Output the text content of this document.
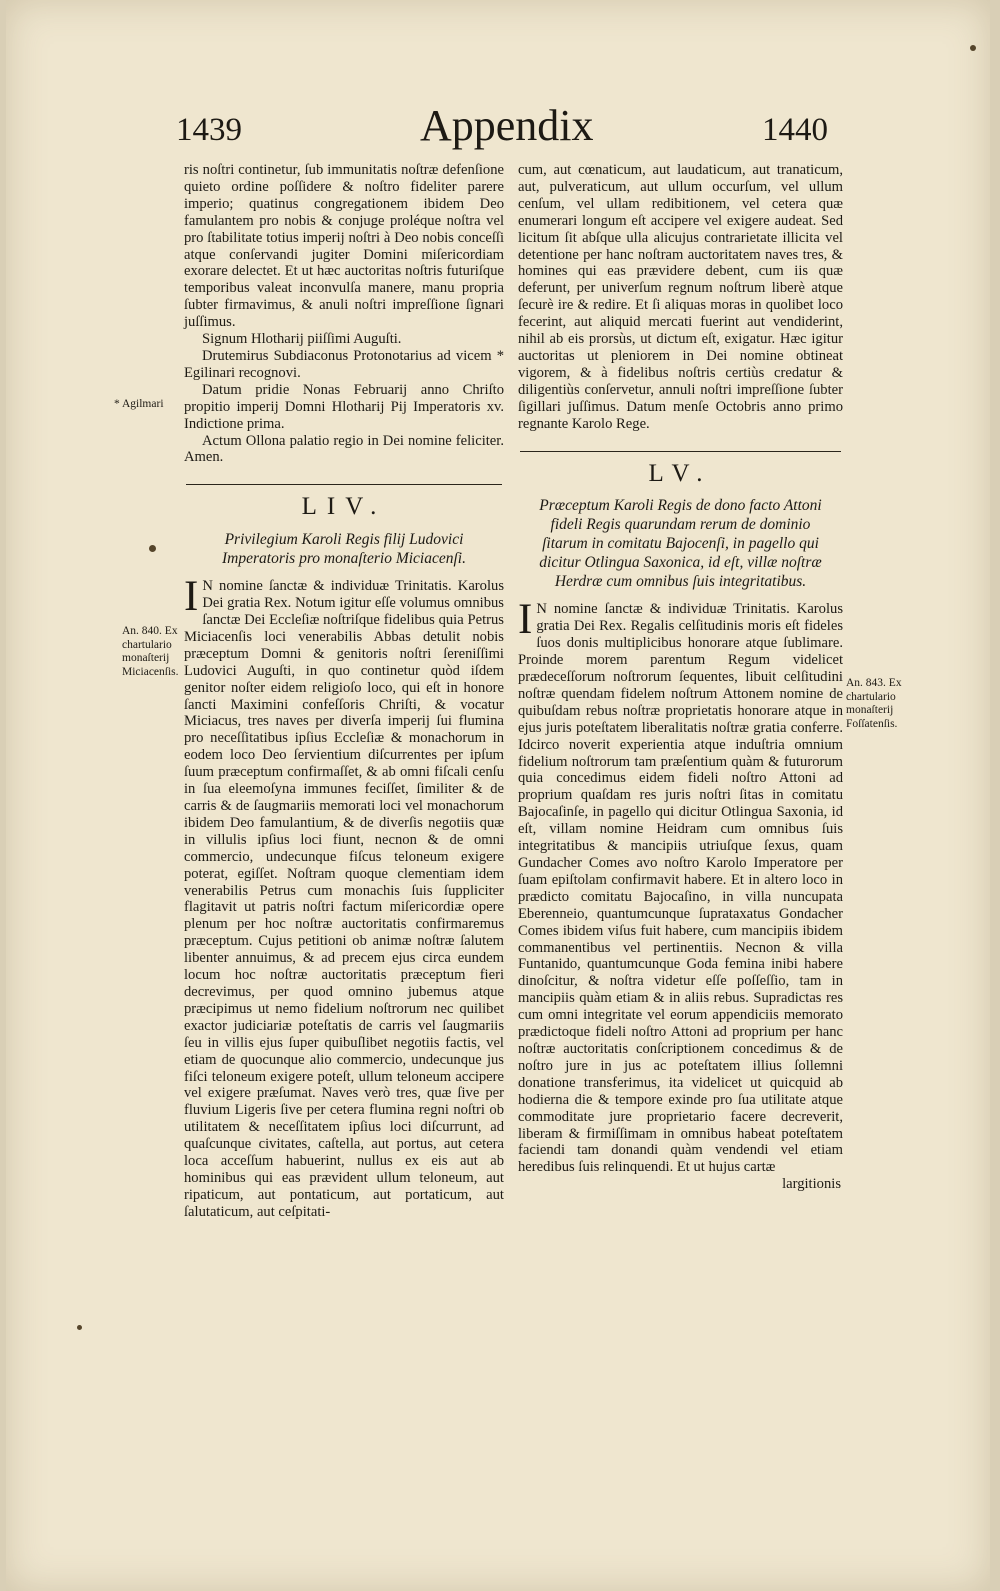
1439	Appendix	1440
* Agilmari
An. 840. Ex chartulario monaſterij Miciacenſis.
An. 843. Ex chartulario monaſterij Foſſatenſis.

ris noſtri continetur, ſub immunitatis noſtræ defenſione quieto ordine poſſidere & noſtro fideliter parere imperio; quatinus congregationem ibidem Deo famulantem pro nobis & conjuge proléque noſtra vel pro ſtabilitate totius imperij noſtri à Deo nobis conceſſi atque conſervandi jugiter Domini miſericordiam exorare delectet. Et ut hæc auctoritas noſtris futuriſque temporibus valeat inconvulſa manere, manu propria ſubter firmavimus, & anuli noſtri impreſſione ſignari juſſimus.

Signum Hlotharij piiſſimi Auguſti.

Drutemirus Subdiaconus Protonotarius ad vicem * Egilinari recognovi.

Datum pridie Nonas Februarij anno Chriſto propitio imperij Domni Hlotharij Pij Imperatoris xv. Indictione prima.

Actum Ollona palatio regio in Dei nomine feliciter. Amen.

LIV.
Privilegium Karoli Regis filij Ludovici Imperatoris pro monaſterio Miciacenſi.

I N nomine ſanctæ & individuæ Trinitatis. Karolus Dei gratia Rex. Notum igitur eſſe volumus omnibus ſanctæ Dei Eccleſiæ noſtriſque fidelibus quia Petrus Miciacenſis loci venerabilis Abbas detulit nobis præceptum Domni & genitoris noſtri ſereniſſimi Ludovici Auguſti, in quo continetur quòd iſdem genitor noſter eidem religioſo loco, qui eſt in honore ſancti Maximini confeſſoris Chriſti, & vocatur Miciacus, tres naves per diverſa imperij ſui flumina pro neceſſitatibus ipſius Eccleſiæ & monachorum in eodem loco Deo ſervientium diſcurrentes per ipſum ſuum præceptum confirmaſſet, & ab omni fiſcali cenſu in ſua eleemoſyna immunes feciſſet, ſimiliter & de carris & de ſaugmariis memorati loci vel monachorum ibidem Deo famulantium, & de diverſis negotiis quæ in villulis ipſius loci fiunt, necnon & de omni commercio, undecunque fiſcus teloneum exigere poterat, egiſſet. Noſtram quoque clementiam idem venerabilis Petrus cum monachis ſuis ſuppliciter flagitavit ut patris noſtri factum miſericordiæ opere plenum per hoc noſtræ auctoritatis confirmaremus præceptum. Cujus petitioni ob animæ noſtræ ſalutem libenter annuimus, & ad precem ejus circa eundem locum hoc noſtræ auctoritatis præceptum fieri decrevimus, per quod omnino jubemus atque præcipimus ut nemo fidelium noſtrorum nec quilibet exactor judiciariæ poteſtatis de carris vel ſaugmariis ſeu in villis ejus ſuper quibuſlibet negotiis factis, vel etiam de quocunque alio commercio, undecunque jus fiſci teloneum exigere poteſt, ullum teloneum accipere vel exigere præſumat. Naves verò tres, quæ ſive per fluvium Ligeris ſive per cetera flumina regni noſtri ob utilitatem & neceſſitatem ipſius loci diſcurrunt, ad quaſcunque civitates, caſtella, aut portus, aut cetera loca acceſſum habuerint, nullus ex eis aut ab hominibus qui eas prævident ullum teloneum, aut ripaticum, aut pontaticum, aut portaticum, aut ſalutaticum, aut ceſpitati-

cum, aut cœnaticum, aut laudaticum, aut tranaticum, aut, pulveraticum, aut ullum occurſum, vel ullum cenſum, vel ullam redibitionem, vel cetera quæ enumerari longum eſt accipere vel exigere audeat. Sed licitum ſit abſque ulla alicujus contrarietate illicita vel detentione per hanc noſtram auctoritatem naves tres, & homines qui eas prævidere debent, cum iis quæ deferunt, per univerſum regnum noſtrum liberè atque ſecurè ire & redire. Et ſi aliquas moras in quolibet loco fecerint, aut aliquid mercati fuerint aut vendiderint, nihil ab eis prorsùs, ut dictum eſt, exigatur. Hæc igitur auctoritas ut pleniorem in Dei nomine obtineat vigorem, & à fidelibus noſtris certiùs credatur & diligentiùs conſervetur, annuli noſtri impreſſione ſubter ſigillari juſſimus. Datum menſe Octobris anno primo regnante Karolo Rege.

LV.
Præceptum Karoli Regis de dono facto Attoni fideli Regis quarundam rerum de dominio ſitarum in comitatu Bajocenſi, in pagello qui dicitur Otlingua Saxonica, id eſt, villæ noſtræ Herdræ cum omnibus ſuis integritatibus.

I N nomine ſanctæ & individuæ Trinitatis. Karolus gratia Dei Rex. Regalis celſitudinis moris eſt fideles ſuos donis multiplicibus honorare atque ſublimare. Proinde morem parentum Regum videlicet prædeceſſorum noſtrorum ſequentes, libuit celſitudini noſtræ quendam fidelem noſtrum Attonem nomine de quibuſdam rebus noſtræ proprietatis honorare atque in ejus juris poteſtatem liberalitatis noſtræ gratia conferre. Idcirco noverit experientia atque induſtria omnium fidelium noſtrorum tam præſentium quàm & futurorum quia concedimus eidem fideli noſtro Attoni ad proprium quaſdam res juris noſtri ſitas in comitatu Bajocaſinſe, in pagello qui dicitur Otlingua Saxonia, id eſt, villam nomine Heidram cum omnibus ſuis integritatibus & mancipiis utriuſque ſexus, quam Gundacher Comes avo noſtro Karolo Imperatore per ſuam epiſtolam confirmavit habere. Et in altero loco in prædicto comitatu Bajocaſino, in villa nuncupata Eberenneio, quantumcunque ſuprataxatus Gondacher Comes ibidem viſus fuit habere, cum mancipiis ibidem commanentibus vel pertinentiis. Necnon & villa Funtanido, quantumcunque Goda femina inibi habere dinoſcitur, & noſtra videtur eſſe poſſeſſio, tam in mancipiis quàm etiam & in aliis rebus. Supradictas res cum omni integritate vel eorum appendiciis memorato prædictoque fideli noſtro Attoni ad proprium per hanc noſtræ auctoritatis conſcriptionem concedimus & de noſtro jure in jus ac poteſtatem illius ſollemni donatione transferimus, ita videlicet ut quicquid ab hodierna die & tempore exinde pro ſua utilitate atque commoditate jure proprietario facere decreverit, liberam & firmiſſimam in omnibus habeat poteſtatem faciendi tam donandi quàm vendendi vel etiam heredibus ſuis relinquendi. Et ut hujus cartæ

largitionis
